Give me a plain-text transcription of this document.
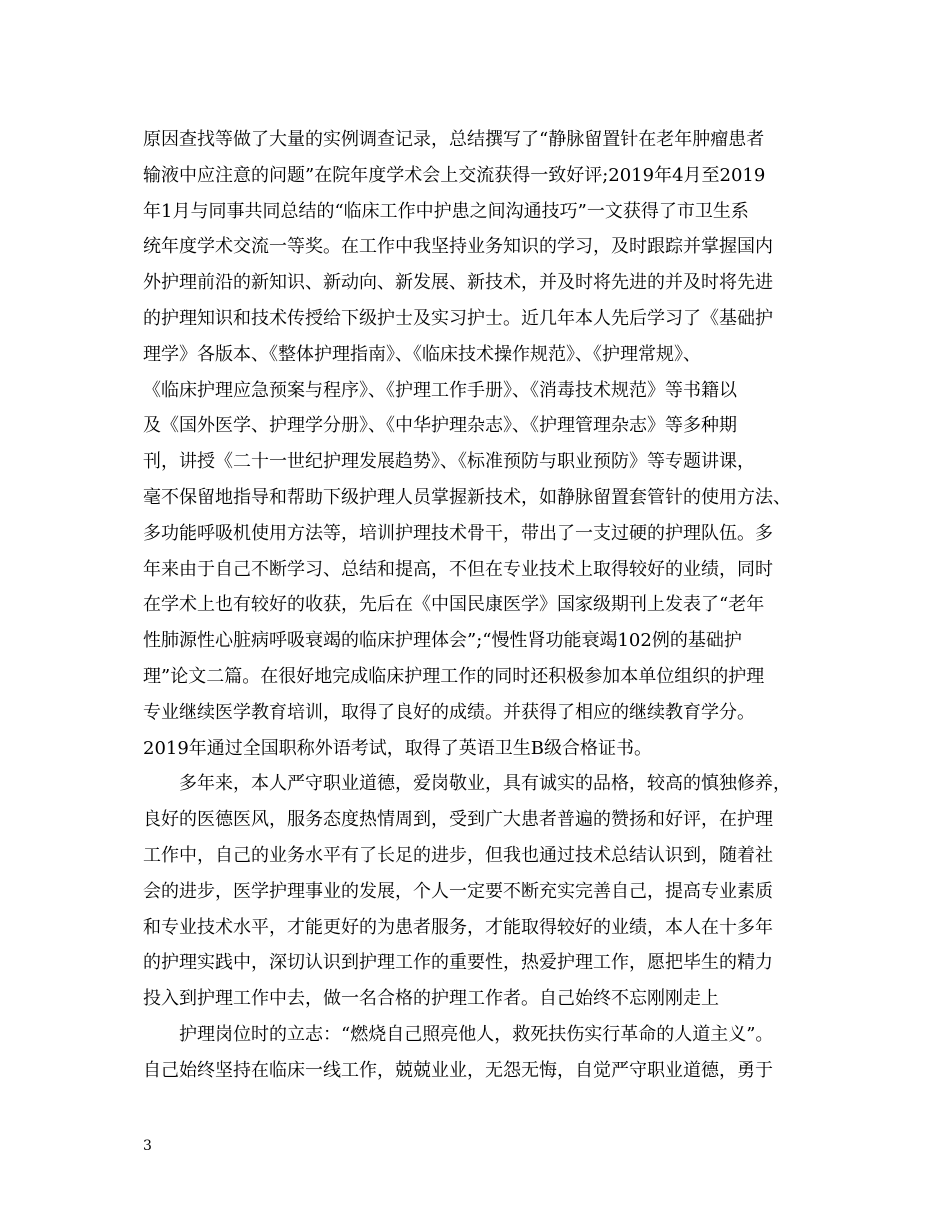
原因查找等做了大量的实例调查记录，总结撰写了“静脉留置针在老年肿瘤患者
输液中应注意的问题”在院年度学术会上交流获得一致好评;2019年4月至2019
年1月与同事共同总结的“临床工作中护患之间沟通技巧”一文获得了市卫生系
统年度学术交流一等奖。在工作中我坚持业务知识的学习，及时跟踪并掌握国内
外护理前沿的新知识、新动向、新发展、新技术，并及时将先进的并及时将先进
的护理知识和技术传授给下级护士及实习护士。近几年本人先后学习了《基础护
理学》各版本、《整体护理指南》、《临床技术操作规范》、《护理常规》、
《临床护理应急预案与程序》、《护理工作手册》、《消毒技术规范》等书籍以
及《国外医学、护理学分册》、《中华护理杂志》、《护理管理杂志》等多种期
刊，讲授《二十一世纪护理发展趋势》、《标准预防与职业预防》等专题讲课，
毫不保留地指导和帮助下级护理人员掌握新技术，如静脉留置套管针的使用方法、
多功能呼吸机使用方法等，培训护理技术骨干，带出了一支过硬的护理队伍。多
年来由于自己不断学习、总结和提高，不但在专业技术上取得较好的业绩，同时
在学术上也有较好的收获，先后在《中国民康医学》国家级期刊上发表了“老年
性肺源性心脏病呼吸衰竭的临床护理体会”;“慢性肾功能衰竭102例的基础护
理”论文二篇。在很好地完成临床护理工作的同时还积极参加本单位组织的护理
专业继续医学教育培训，取得了良好的成绩。并获得了相应的继续教育学分。
2019年通过全国职称外语考试，取得了英语卫生B级合格证书。
　　多年来，本人严守职业道德，爱岗敬业，具有诚实的品格，较高的慎独修养，
良好的医德医风，服务态度热情周到，受到广大患者普遍的赞扬和好评，在护理
工作中，自己的业务水平有了长足的进步，但我也通过技术总结认识到，随着社
会的进步，医学护理事业的发展，个人一定要不断充实完善自己，提高专业素质
和专业技术水平，才能更好的为患者服务，才能取得较好的业绩，本人在十多年
的护理实践中，深切认识到护理工作的重要性，热爱护理工作，愿把毕生的精力
投入到护理工作中去，做一名合格的护理工作者。自己始终不忘刚刚走上
　　护理岗位时的立志：“燃烧自己照亮他人，救死扶伤实行革命的人道主义”。
自己始终坚持在临床一线工作，兢兢业业，无怨无悔，自觉严守职业道德，勇于
3
